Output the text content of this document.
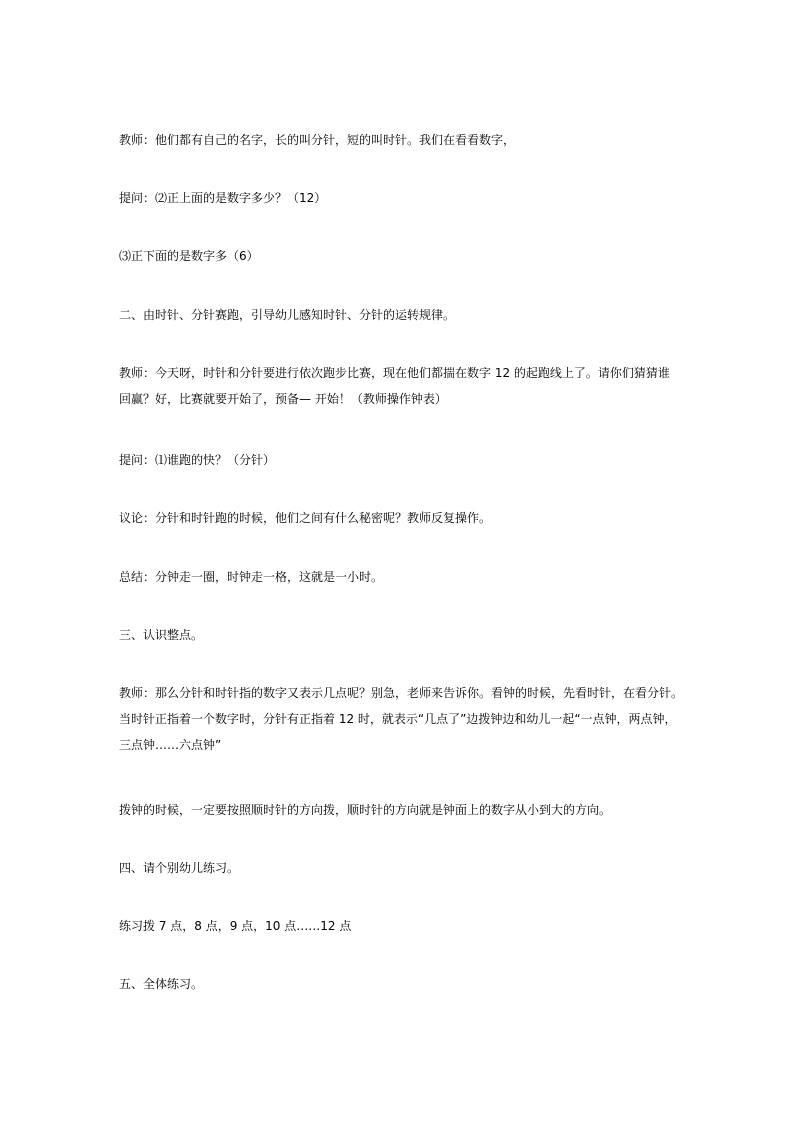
教师：他们都有自己的名字，长的叫分针，短的叫时针。我们在看看数字，
提问：⑵正上面的是数字多少？（12）
⑶正下面的是数字多（6）
二、由时针、分针赛跑，引导幼儿感知时针、分针的运转规律。
教师：今天呀，时针和分针要进行依次跑步比赛，现在他们都揣在数字 12 的起跑线上了。请你们猜猜谁
回赢？好，比赛就要开始了，预备— 开始！（教师操作钟表）
提问：⑴谁跑的快？（分针）
议论：分针和时针跑的时候，他们之间有什么秘密呢？教师反复操作。
总结：分钟走一圈，时钟走一格，这就是一小时。
三、认识整点。
教师：那么分针和时针指的数字又表示几点呢？别急，老师来告诉你。看钟的时候，先看时针，在看分针。
当时针正指着一个数字时，分针有正指着 12 时，就表示“几点了”边拨钟边和幼儿一起“一点钟，两点钟，
三点钟……六点钟”
拨钟的时候，一定要按照顺时针的方向拨，顺时针的方向就是钟面上的数字从小到大的方向。
四、请个别幼儿练习。
练习拨 7 点，8 点，9 点，10 点……12 点
五、全体练习。
